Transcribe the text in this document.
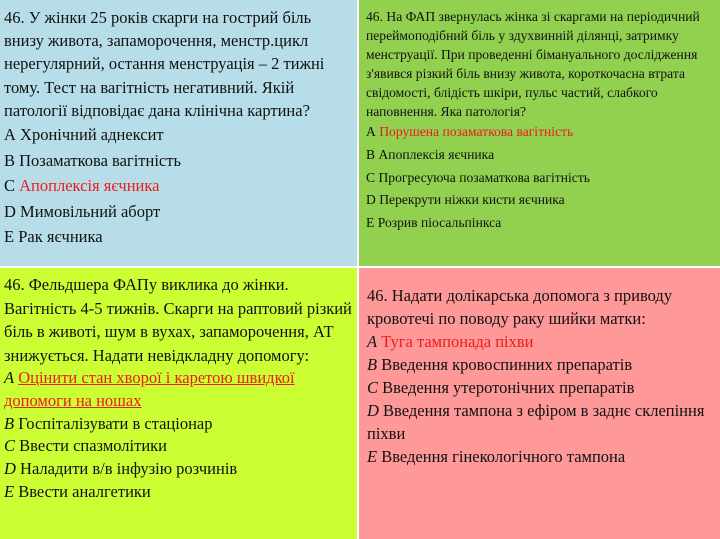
46. У жінки 25 років скарги на гострий біль внизу живота, запаморочення, менстр.цикл нерегулярний, остання менструація – 2 тижні тому. Тест на вагітність негативний. Якій патології відповідає дана клінічна картина?

А Хронічний аднексит

В Позаматкова вагітність

С Апоплексія яєчника

D Мимовільний аборт

Е Рак яєчника

46. На ФАП звернулась жінка зі скаргами на періодичний переймоподібний біль у здухвинній ділянці, затримку менструації. При проведенні бімануального дослідження з'явився різкий біль внизу живота, короткочасна втрата свідомості, блідість шкіри, пульс частий, слабкого наповнення. Яка патологія?

А Порушена позаматкова вагітність

В Апоплексія яєчника

С Прогресуюча позаматкова вагітність

D Перекрути ніжки кисти яєчника

Е Розрив піосальпінкса

46. Фельдшера ФАПу виклика до жінки. Вагітність 4-5 тижнів. Скарги на раптовий різкий біль в животі, шум в вухах, запаморочення, АТ знижується. Надати невідкладну допомогу:

А Оцінити стан хворої і каретою швидкої допомоги на ношах

В Госпіталізувати в стаціонар

С Ввести спазмолітики

D Наладити в/в інфузію розчинів

Е Ввести аналгетики

46. Надати долікарська допомога з приводу кровотечі по поводу раку шийки матки:

А Туга тампонада піхви

В Введення кровоспинних препаратів

С Введення утеротонічних препаратів

D Введення тампона з ефіром в заднє склепіння піхви

Е Введення гінекологічного тампона
